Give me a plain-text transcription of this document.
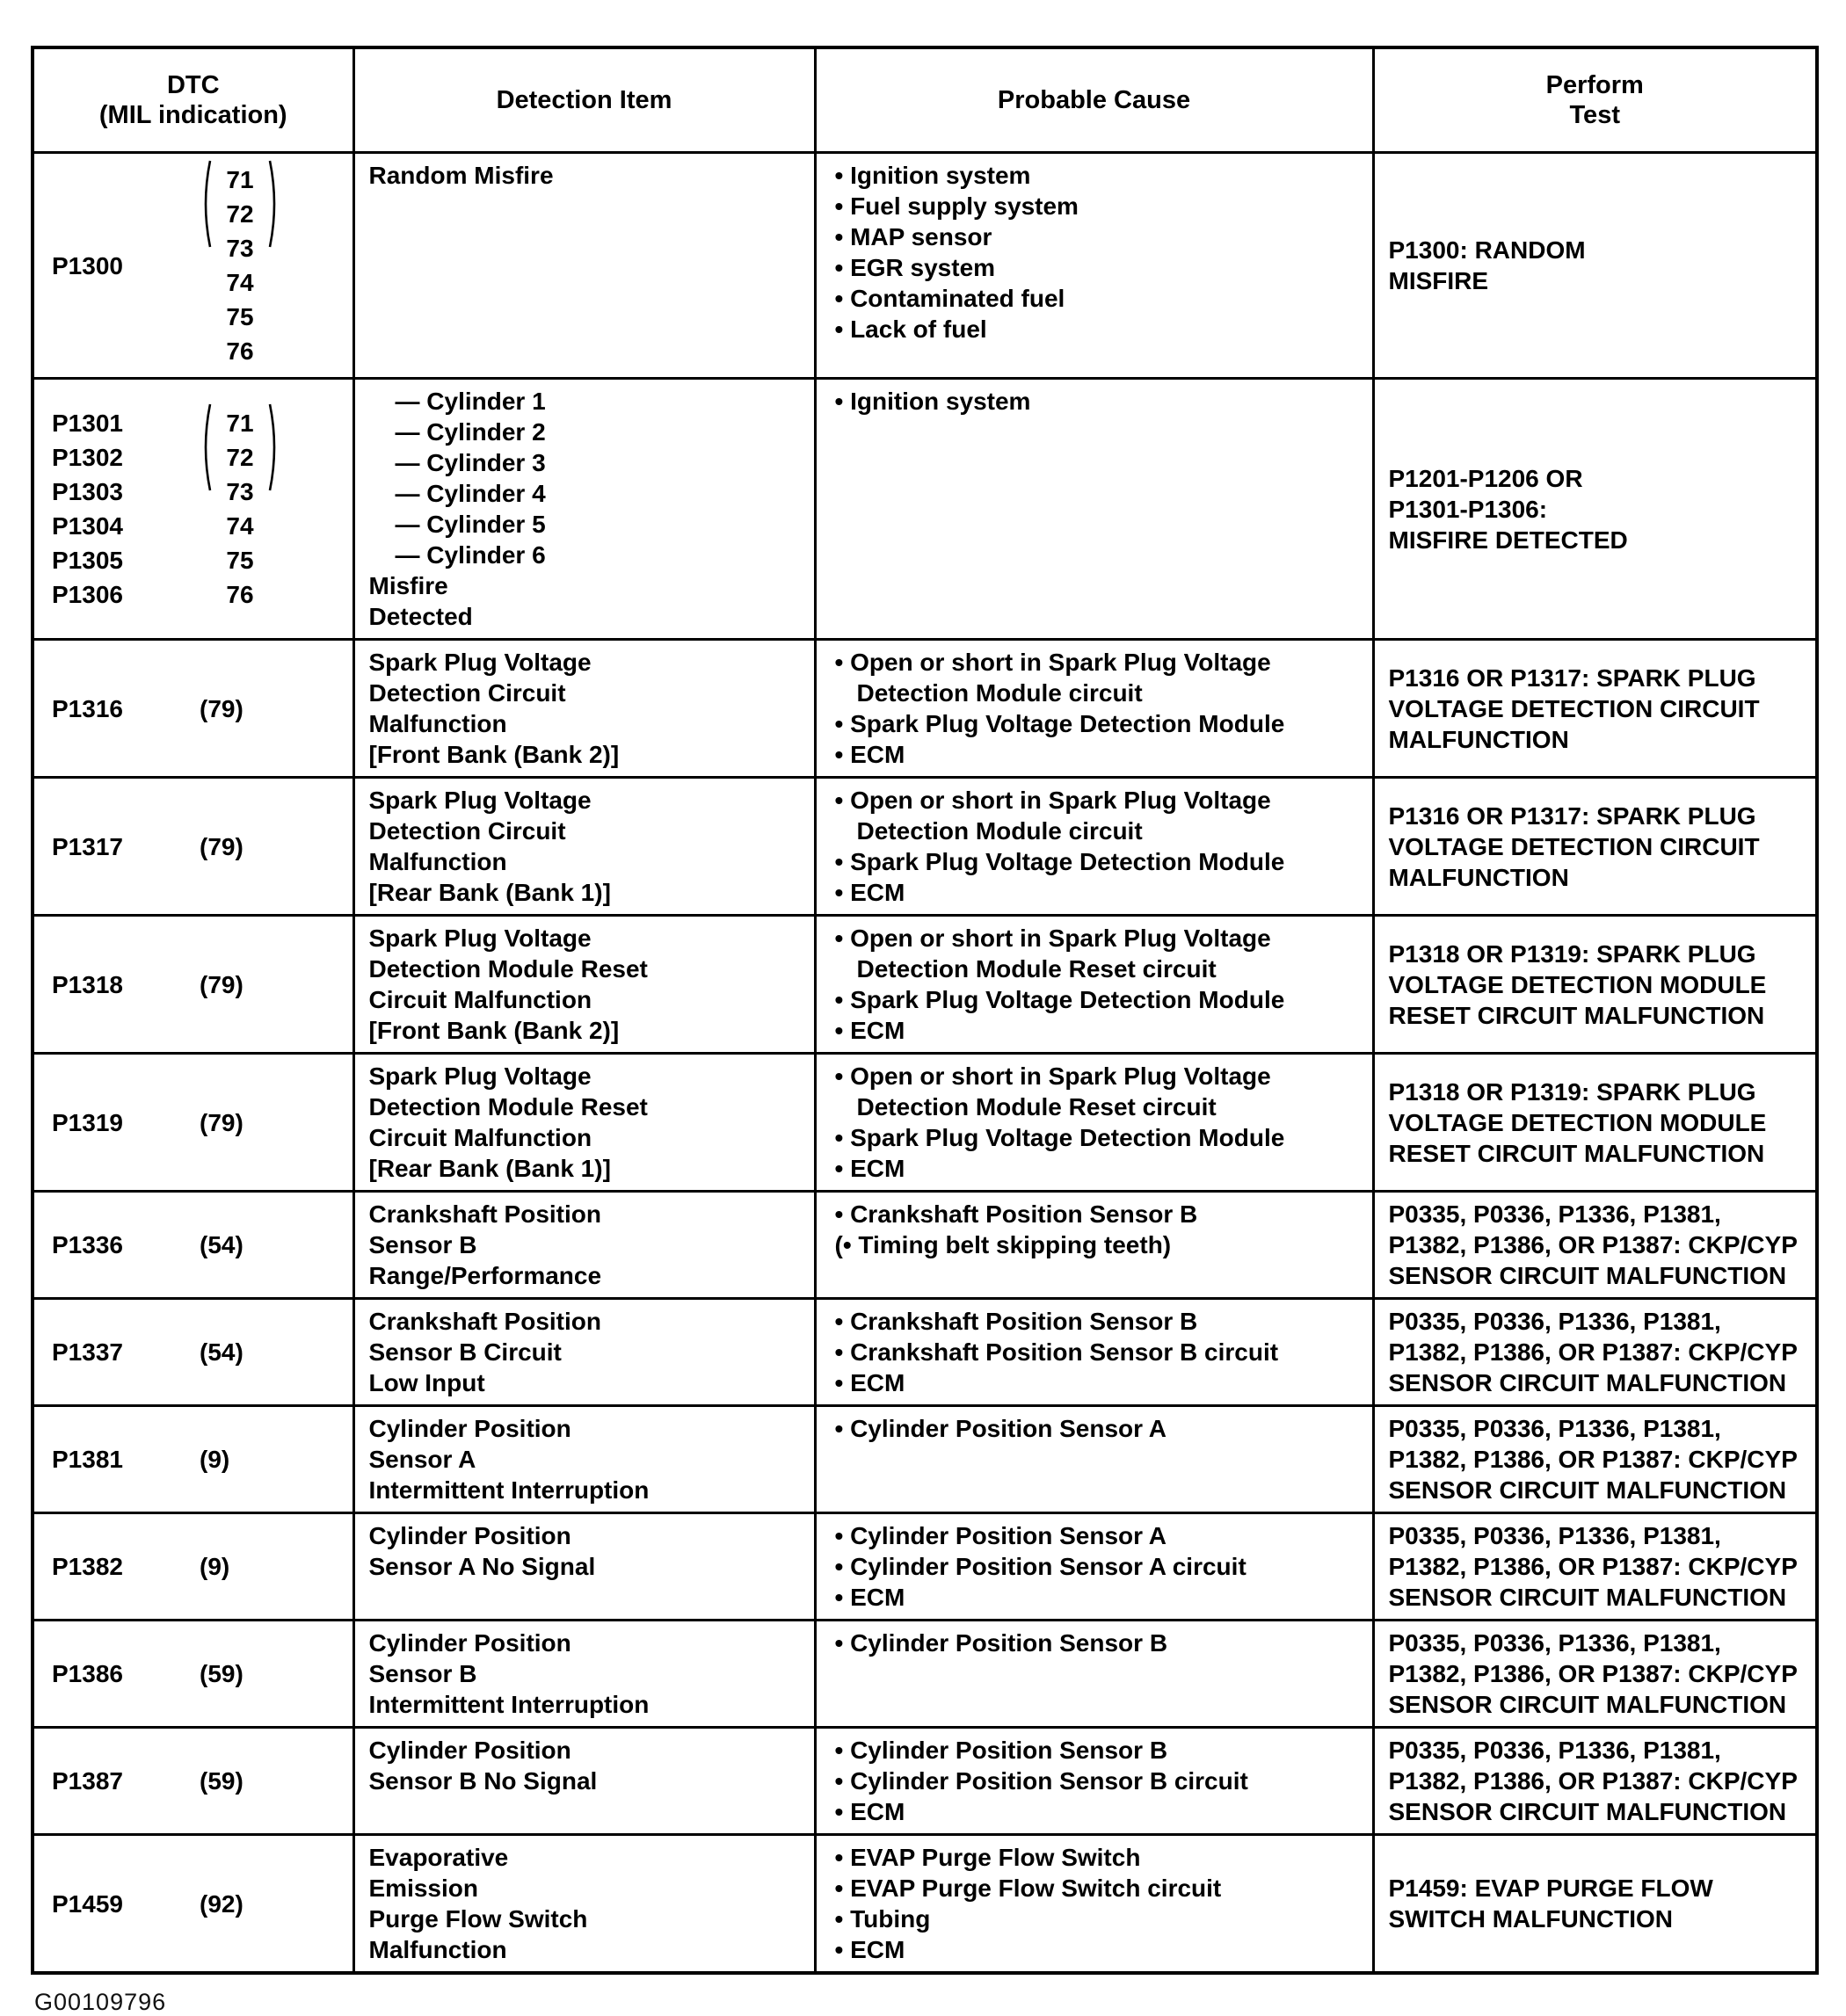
DTC
(MIL indication)

Detection Item	Probable Cause

Perform
Test

P1300
71
72
73
74
75
76

Random Misfire	• Ignition system
• Fuel supply system
• MAP sensor
• EGR system
• Contaminated fuel
• Lack of fuel

P1300: RANDOM
MISFIRE

P1301
P1302
P1303
P1304
P1305
P1306
71
72
73
74
75
76

— Cylinder 1
— Cylinder 2
— Cylinder 3
— Cylinder 4
— Cylinder 5
— Cylinder 6
Misfire
Detected

• Ignition system

P1201-P1206 OR
P1301-P1306:
MISFIRE DETECTED

P1316	(79)

Spark Plug Voltage
Detection Circuit
Malfunction
[Front Bank (Bank 2)]

• Open or short in Spark Plug Voltage
Detection Module circuit
• Spark Plug Voltage Detection Module
• ECM

P1316 OR P1317: SPARK PLUG
VOLTAGE DETECTION CIRCUIT
MALFUNCTION

P1317	(79)

Spark Plug Voltage
Detection Circuit
Malfunction
[Rear Bank (Bank 1)]

• Open or short in Spark Plug Voltage
Detection Module circuit
• Spark Plug Voltage Detection Module
• ECM

P1316 OR P1317: SPARK PLUG
VOLTAGE DETECTION CIRCUIT
MALFUNCTION

P1318	(79)

Spark Plug Voltage
Detection Module Reset
Circuit Malfunction
[Front Bank (Bank 2)]

• Open or short in Spark Plug Voltage
Detection Module Reset circuit
• Spark Plug Voltage Detection Module
• ECM

P1318 OR P1319: SPARK PLUG
VOLTAGE DETECTION MODULE
RESET CIRCUIT MALFUNCTION

P1319	(79)

Spark Plug Voltage
Detection Module Reset
Circuit Malfunction
[Rear Bank (Bank 1)]

• Open or short in Spark Plug Voltage
Detection Module Reset circuit
• Spark Plug Voltage Detection Module
• ECM

P1318 OR P1319: SPARK PLUG
VOLTAGE DETECTION MODULE
RESET CIRCUIT MALFUNCTION

P1336	(54)

Crankshaft Position
Sensor B
Range/Performance

• Crankshaft Position Sensor B
(• Timing belt skipping teeth)

P0335, P0336, P1336, P1381,
P1382, P1386, OR P1387: CKP/CYP
SENSOR CIRCUIT MALFUNCTION

P1337	(54)

Crankshaft Position
Sensor B Circuit
Low Input

• Crankshaft Position Sensor B
• Crankshaft Position Sensor B circuit
• ECM

P0335, P0336, P1336, P1381,
P1382, P1386, OR P1387: CKP/CYP
SENSOR CIRCUIT MALFUNCTION

P1381	(9)

Cylinder Position
Sensor A
Intermittent Interruption

• Cylinder Position Sensor A	P0335, P0336, P1336, P1381,
P1382, P1386, OR P1387: CKP/CYP
SENSOR CIRCUIT MALFUNCTION

P1382	(9)

Cylinder Position
Sensor A No Signal

• Cylinder Position Sensor A
• Cylinder Position Sensor A circuit
• ECM

P0335, P0336, P1336, P1381,
P1382, P1386, OR P1387: CKP/CYP
SENSOR CIRCUIT MALFUNCTION

P1386	(59)

Cylinder Position
Sensor B
Intermittent Interruption

• Cylinder Position Sensor B	P0335, P0336, P1336, P1381,
P1382, P1386, OR P1387: CKP/CYP
SENSOR CIRCUIT MALFUNCTION

P1387	(59)

Cylinder Position
Sensor B No Signal

• Cylinder Position Sensor B
• Cylinder Position Sensor B circuit
• ECM

P0335, P0336, P1336, P1381,
P1382, P1386, OR P1387: CKP/CYP
SENSOR CIRCUIT MALFUNCTION

P1459	(92)

Evaporative
Emission
Purge Flow Switch
Malfunction

• EVAP Purge Flow Switch
• EVAP Purge Flow Switch circuit
• Tubing
• ECM

P1459: EVAP PURGE FLOW
SWITCH MALFUNCTION
G00109796
